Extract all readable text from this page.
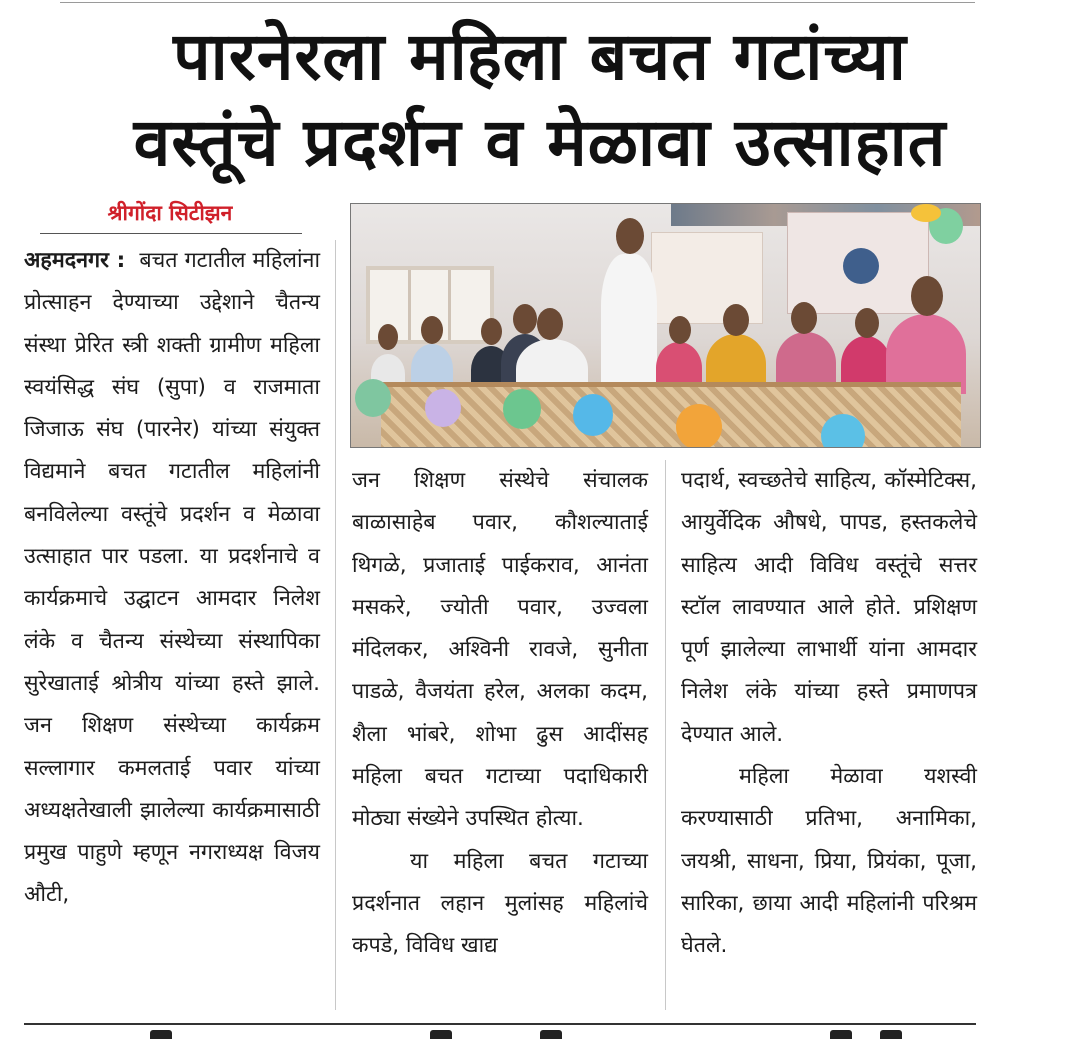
पारनेरला महिला बचत गटांच्या
वस्तूंचे प्रदर्शन व मेळावा उत्साहात
श्रीगोंदा सिटीझन

अहमदनगर : बचत गटातील महिलांना प्रोत्साहन देण्याच्या उद्देशाने चैतन्य संस्था प्रेरित स्त्री शक्ती ग्रामीण महिला स्वयंसिद्ध संघ (सुपा) व राजमाता जिजाऊ संघ (पारनेर) यांच्या संयुक्त विद्यमाने बचत गटातील महिलांनी बनविलेल्या वस्तूंचे प्रदर्शन व मेळावा उत्साहात पार पडला. या प्रदर्शनाचे व कार्यक्रमाचे उद्घाटन आमदार निलेश लंके व चैतन्य संस्थेच्या संस्थापिका सुरेखाताई श्रोत्रीय यांच्या हस्ते झाले. जन शिक्षण संस्थेच्या कार्यक्रम सल्लागार कमलताई पवार यांच्या अध्यक्षतेखाली झालेल्या कार्यक्रमासाठी प्रमुख पाहुणे म्हणून नगराध्यक्ष विजय औटी,

जन शिक्षण संस्थेचे संचालक बाळासाहेब पवार, कौशल्याताई थिगळे, प्रजाताई पाईकराव, आनंता मसकरे, ज्योती पवार, उज्वला मंदिलकर, अश्विनी रावजे, सुनीता पाडळे, वैजयंता हरेल, अलका कदम, शैला भांबरे, शोभा ढुस आदींसह महिला बचत गटाच्या पदाधिकारी मोठ्या संख्येने उपस्थित होत्या.

या महिला बचत गटाच्या प्रदर्शनात लहान मुलांसह महिलांचे कपडे, विविध खाद्य

पदार्थ, स्वच्छतेचे साहित्य, कॉस्मेटिक्स, आयुर्वेदिक औषधे, पापड, हस्तकलेचे साहित्य आदी विविध वस्तूंचे सत्तर स्टॉल लावण्यात आले होते. प्रशिक्षण पूर्ण झालेल्या लाभार्थी यांना आमदार निलेश लंके यांच्या हस्ते प्रमाणपत्र देण्यात आले.

महिला मेळावा यशस्वी करण्यासाठी प्रतिभा, अनामिका, जयश्री, साधना, प्रिया, प्रियंका, पूजा, सारिका, छाया आदी महिलांनी परिश्रम घेतले.
